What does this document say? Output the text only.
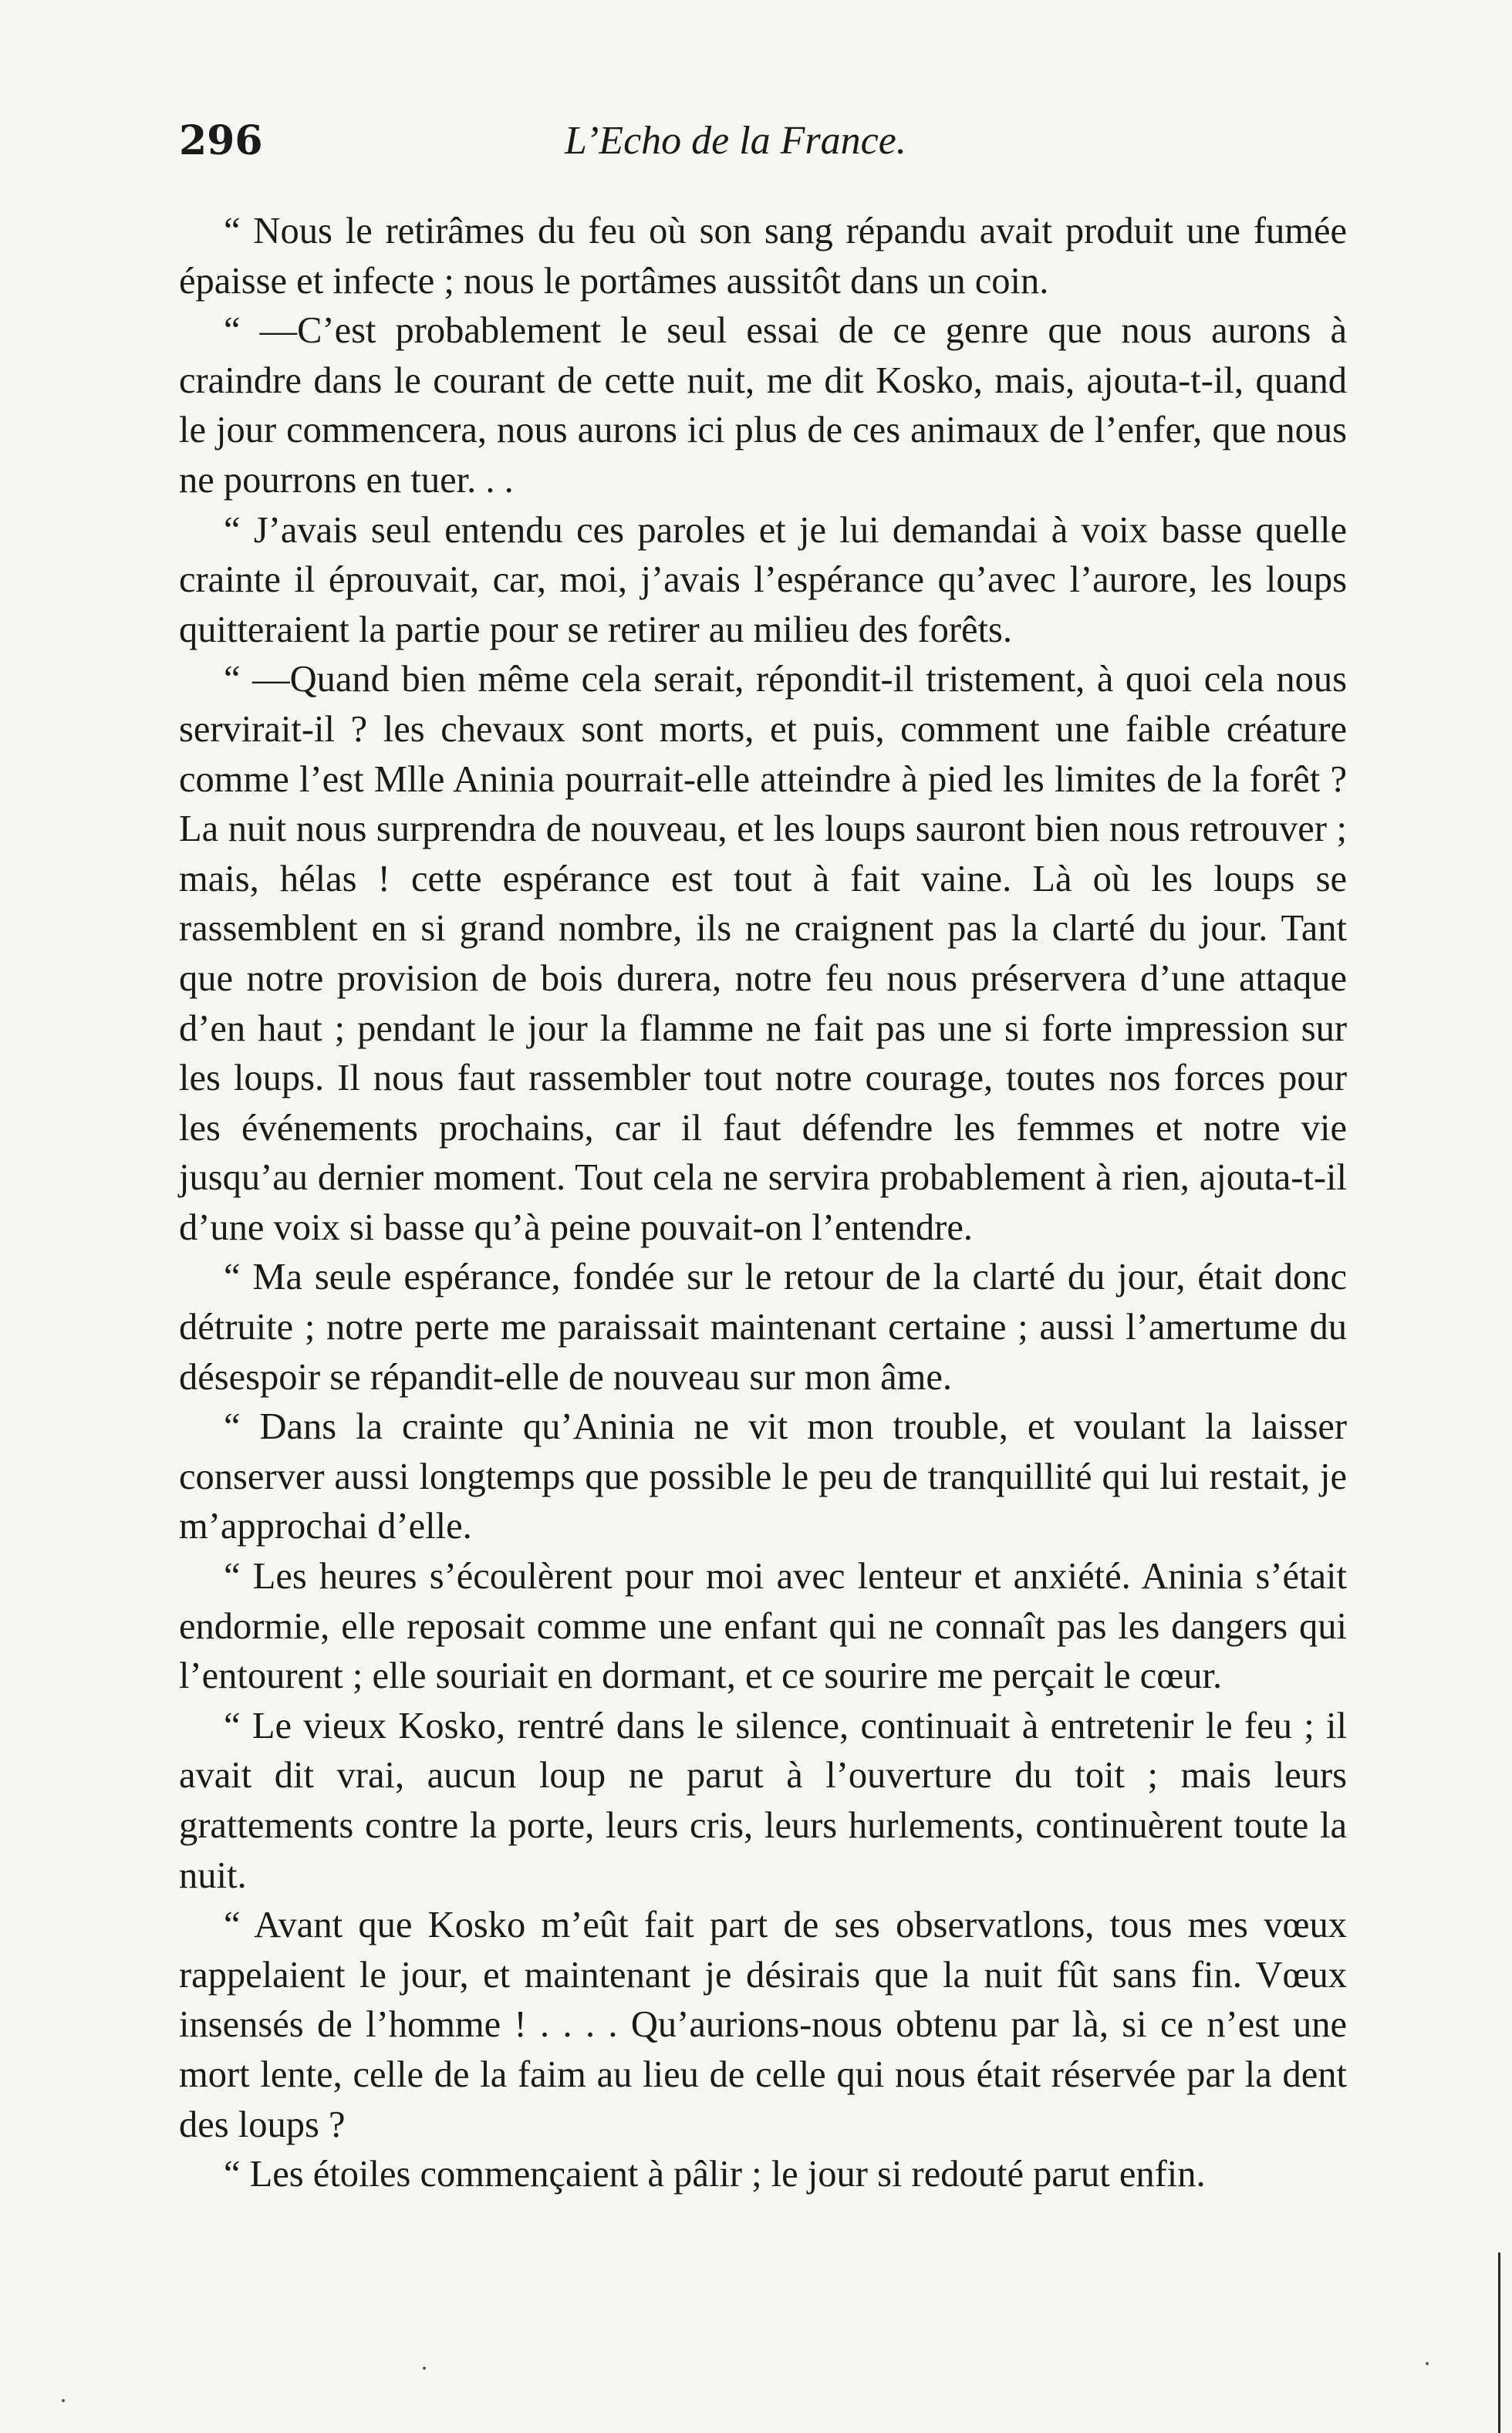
296	L’Echo de la France.

“ Nous le retirâmes du feu où son sang répandu avait produit une fumée épaisse et infecte ; nous le portâmes aussitôt dans un coin.

“ —C’est probablement le seul essai de ce genre que nous aurons à craindre dans le courant de cette nuit, me dit Kosko, mais, ajouta-t-il, quand le jour commencera, nous aurons ici plus de ces animaux de l’enfer, que nous ne pourrons en tuer. . .

“ J’avais seul entendu ces paroles et je lui demandai à voix basse quelle crainte il éprouvait, car, moi, j’avais l’espérance qu’avec l’aurore, les loups quitteraient la partie pour se retirer au milieu des forêts.

“ —Quand bien même cela serait, répondit-il tristement, à quoi cela nous servirait-il ? les chevaux sont morts, et puis, comment une faible créature comme l’est Mlle Aninia pourrait-elle atteindre à pied les limites de la forêt ? La nuit nous surprendra de nouveau, et les loups sauront bien nous retrouver ; mais, hélas ! cette espérance est tout à fait vaine. Là où les loups se rassemblent en si grand nombre, ils ne craignent pas la clarté du jour. Tant que notre provision de bois durera, notre feu nous préservera d’une attaque d’en haut ; pendant le jour la flamme ne fait pas une si forte impression sur les loups. Il nous faut rassembler tout notre courage, toutes nos forces pour les événements prochains, car il faut défendre les femmes et notre vie jusqu’au dernier moment. Tout cela ne servira probablement à rien, ajouta-t-il d’une voix si basse qu’à peine pouvait-on l’entendre.

“ Ma seule espérance, fondée sur le retour de la clarté du jour, était donc détruite ; notre perte me paraissait maintenant certaine ; aussi l’amertume du désespoir se répandit-elle de nouveau sur mon âme.

“ Dans la crainte qu’Aninia ne vit mon trouble, et voulant la laisser conserver aussi longtemps que possible le peu de tranquillité qui lui restait, je m’approchai d’elle.

“ Les heures s’écoulèrent pour moi avec lenteur et anxiété. Aninia s’était endormie, elle reposait comme une enfant qui ne connaît pas les dangers qui l’entourent ; elle souriait en dormant, et ce sourire me perçait le cœur.

“ Le vieux Kosko, rentré dans le silence, continuait à entretenir le feu ; il avait dit vrai, aucun loup ne parut à l’ouverture du toit ; mais leurs grattements contre la porte, leurs cris, leurs hurlements, continuèrent toute la nuit.

“ Avant que Kosko m’eût fait part de ses observatlons, tous mes vœux rappelaient le jour, et maintenant je désirais que la nuit fût sans fin. Vœux insensés de l’homme ! . . . . Qu’aurions-nous obtenu par là, si ce n’est une mort lente, celle de la faim au lieu de celle qui nous était réservée par la dent des loups ?

“ Les étoiles commençaient à pâlir ; le jour si redouté parut enfin.
